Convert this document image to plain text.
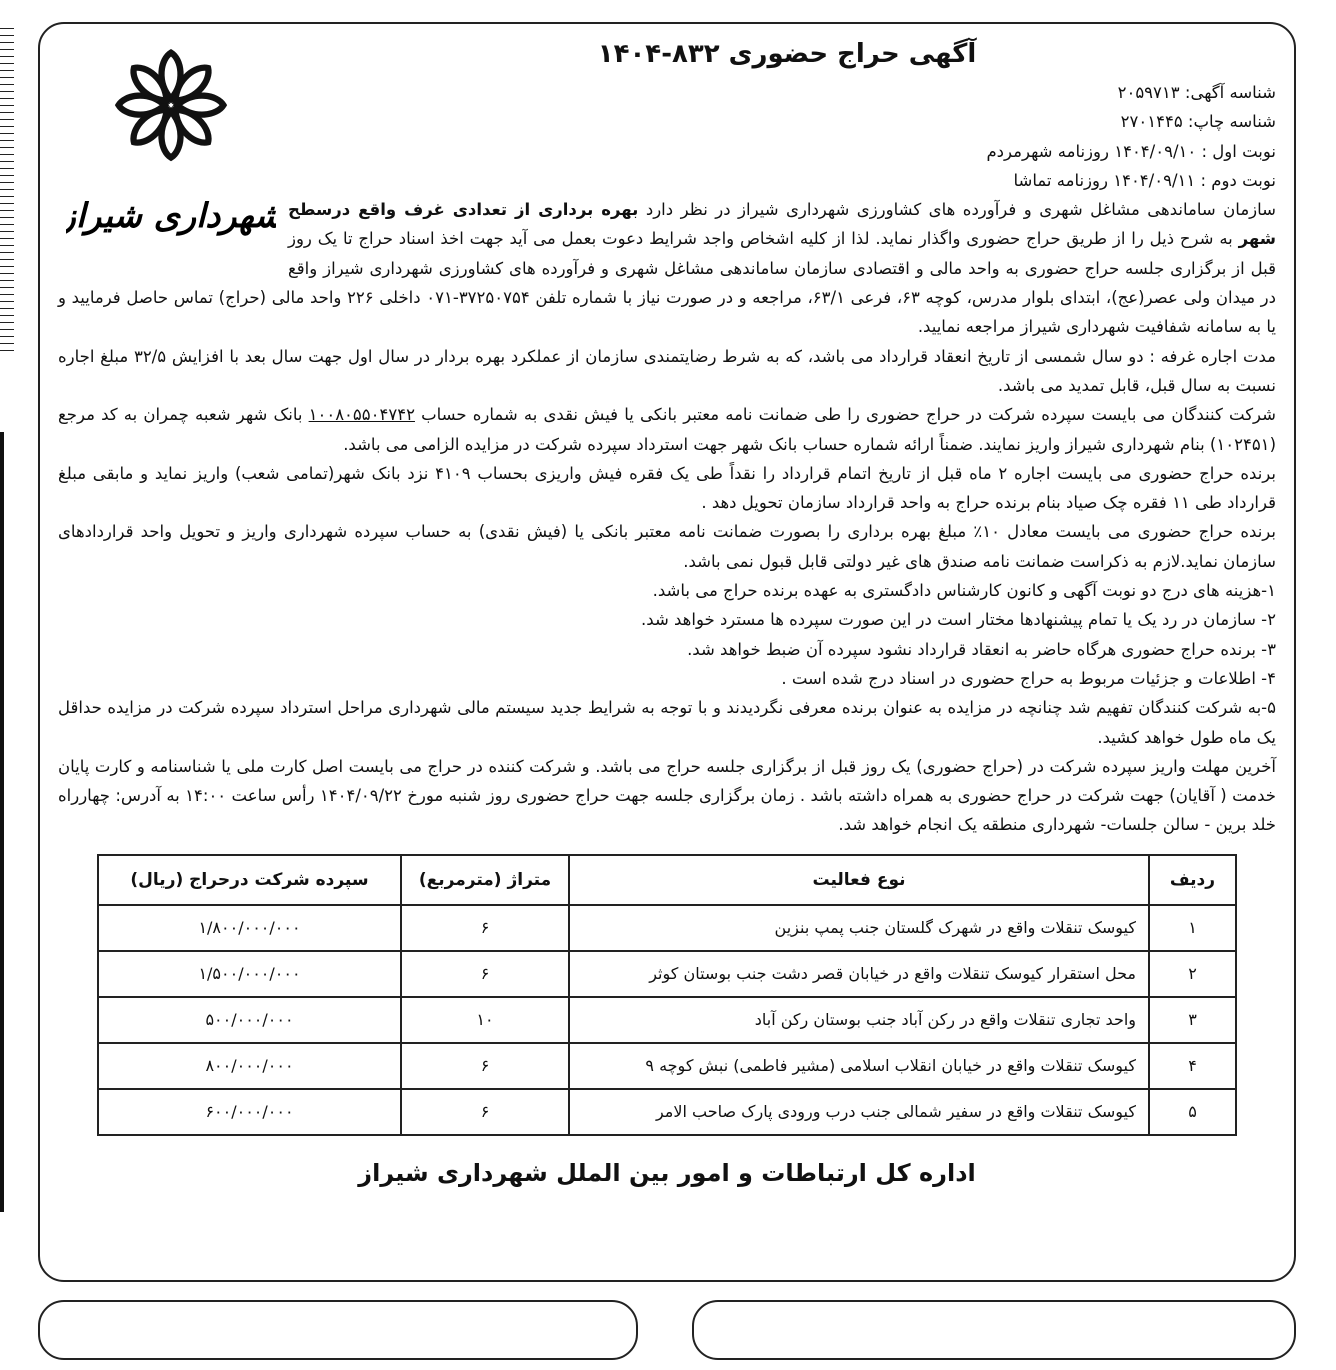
آگهی حراج حضوری ۸۳۲-۱۴۰۴
شهرداری شیراز

شناسه آگهی: ۲۰۵۹۷۱۳

شناسه چاپ: ۲۷۰۱۴۴۵

نوبت اول : ۱۴۰۴/۰۹/۱۰ روزنامه شهرمردم

نوبت دوم : ۱۴۰۴/۰۹/۱۱ روزنامه تماشا

سازمان ساماندهی مشاغل شهری و فرآورده های کشاورزی شهرداری شیراز در نظر دارد بهره برداری از تعدادی غرف واقع درسطح شهر به شرح ذیل را از طریق حراج حضوری واگذار نماید. لذا از کلیه اشخاص واجد شرایط دعوت بعمل می آید جهت اخذ اسناد حراج تا یک روز قبل از برگزاری جلسه حراج حضوری به واحد مالی و اقتصادی سازمان ساماندهی مشاغل شهری و فرآورده های کشاورزی شهرداری شیراز واقع در میدان ولی عصر(عج)، ابتدای بلوار مدرس، کوچه ۶۳، فرعی ۶۳/۱، مراجعه و در صورت نیاز با شماره تلفن ۳۷۲۵۰۷۵۴-۰۷۱ داخلی ۲۲۶ واحد مالی (حراج) تماس حاصل فرمایید و یا به سامانه شفافیت شهرداری شیراز مراجعه نمایید.

مدت اجاره غرفه : دو سال شمسی از تاریخ انعقاد قرارداد می باشد، که به شرط رضایتمندی سازمان از عملکرد بهره بردار در سال اول جهت سال بعد با افزایش ۳۲/۵ مبلغ اجاره نسبت به سال قبل، قابل تمدید می باشد.

شرکت کنندگان می بایست سپرده شرکت در حراج حضوری را طی ضمانت نامه معتبر بانکی یا فیش نقدی به شماره حساب ۱۰۰۸۰۵۵۰۴۷۴۲ بانک شهر شعبه چمران به کد مرجع (۱۰۲۴۵۱) بنام شهرداری شیراز واریز نمایند. ضمناً ارائه شماره حساب بانک شهر جهت استرداد سپرده شرکت در مزایده الزامی می باشد.

برنده حراج حضوری می بایست اجاره ۲ ماه قبل از تاریخ اتمام قرارداد را نقداً طی یک فقره فیش واریزی بحساب ۴۱۰۹ نزد بانک شهر(تمامی شعب) واریز نماید و مابقی مبلغ قرارداد طی ۱۱ فقره چک صیاد بنام برنده حراج به واحد قرارداد سازمان تحویل دهد .

برنده حراج حضوری می بایست معادل ۱۰٪ مبلغ بهره برداری را بصورت ضمانت نامه معتبر بانکی یا (فیش نقدی) به حساب سپرده شهرداری واریز و تحویل واحد قراردادهای سازمان نماید.لازم به ذکراست ضمانت نامه صندق های غیر دولتی قابل قبول نمی باشد.

۱-هزینه های درج دو نوبت آگهی و کانون کارشناس دادگستری به عهده برنده حراج می باشد.

۲- سازمان در رد یک یا تمام پیشنهادها مختار است در این صورت سپرده ها مسترد خواهد شد.

۳- برنده حراج حضوری هرگاه حاضر به انعقاد قرارداد نشود سپرده آن ضبط خواهد شد.

۴- اطلاعات و جزئیات مربوط به حراج حضوری در اسناد درج شده است .

۵-به شرکت کنندگان تفهیم شد چنانچه در مزایده به عنوان برنده معرفی نگردیدند و با توجه به شرایط جدید سیستم مالی شهرداری مراحل استرداد سپرده شرکت در مزایده حداقل یک ماه طول خواهد کشید.

آخرین مهلت واریز سپرده شرکت در (حراج حضوری) یک روز قبل از برگزاری جلسه حراج می باشد. و شرکت کننده در حراج می بایست اصل کارت ملی یا شناسنامه و کارت پایان خدمت ( آقایان) جهت شرکت در حراج حضوری به همراه داشته باشد . زمان برگزاری جلسه جهت حراج حضوری روز شنبه مورخ ۱۴۰۴/۰۹/۲۲ رأس ساعت ۱۴:۰۰ به آدرس: چهارراه خلد برین - سالن جلسات- شهرداری منطقه یک انجام خواهد شد.

ردیف	نوع فعالیت	متراژ (مترمربع)	سپرده شرکت درحراج (ریال)
۱	کیوسک تنقلات واقع در شهرک گلستان جنب پمپ بنزین	۶	۱/۸۰۰/۰۰۰/۰۰۰
۲	محل استقرار کیوسک تنقلات واقع در خیابان قصر دشت جنب بوستان کوثر	۶	۱/۵۰۰/۰۰۰/۰۰۰
۳	واحد تجاری تنقلات واقع در رکن آباد جنب بوستان رکن آباد	۱۰	۵۰۰/۰۰۰/۰۰۰
۴	کیوسک تنقلات واقع در خیابان انقلاب اسلامی (مشیر فاطمی) نبش کوچه ۹	۶	۸۰۰/۰۰۰/۰۰۰
۵	کیوسک تنقلات واقع در سفیر شمالی جنب درب ورودی پارک صاحب الامر	۶	۶۰۰/۰۰۰/۰۰۰
اداره کل ارتباطات و امور بین الملل شهرداری شیراز
